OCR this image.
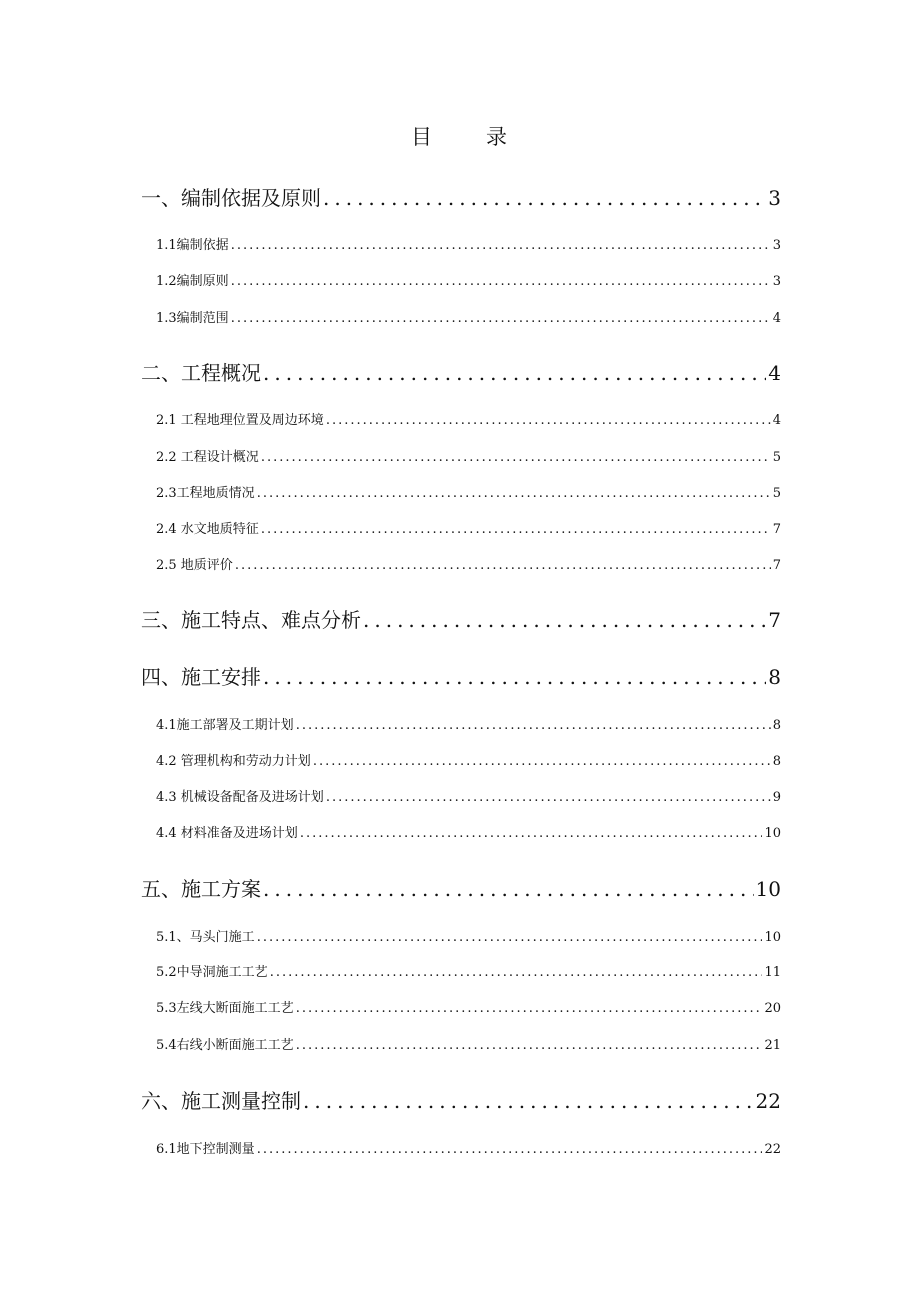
目      录
一、编制依据及原则 .....	3
1.1编制依据 .....	3
1.2编制原则 .....	3
1.3编制范围 .....	4
二、工程概况 .....	4
2.1 工程地理位置及周边环境 .....	4
2.2 工程设计概况 .....	5
2.3工程地质情况 .....	5
2.4 水文地质特征 .....	7
2.5 地质评价 .....	7
三、施工特点、难点分析 .....	7
四、施工安排 .....	8
4.1施工部署及工期计划 .....	8
4.2 管理机构和劳动力计划 .....	8
4.3 机械设备配备及进场计划 .....	9
4.4 材料准备及进场计划 .....	10
五、施工方案 .....	10
5.1、马头门施工 .....	10
5.2中导洞施工工艺 .....	11
5.3左线大断面施工工艺 .....	20
5.4右线小断面施工工艺 .....	21
六、施工测量控制 .....	22
6.1地下控制测量 .....	22
